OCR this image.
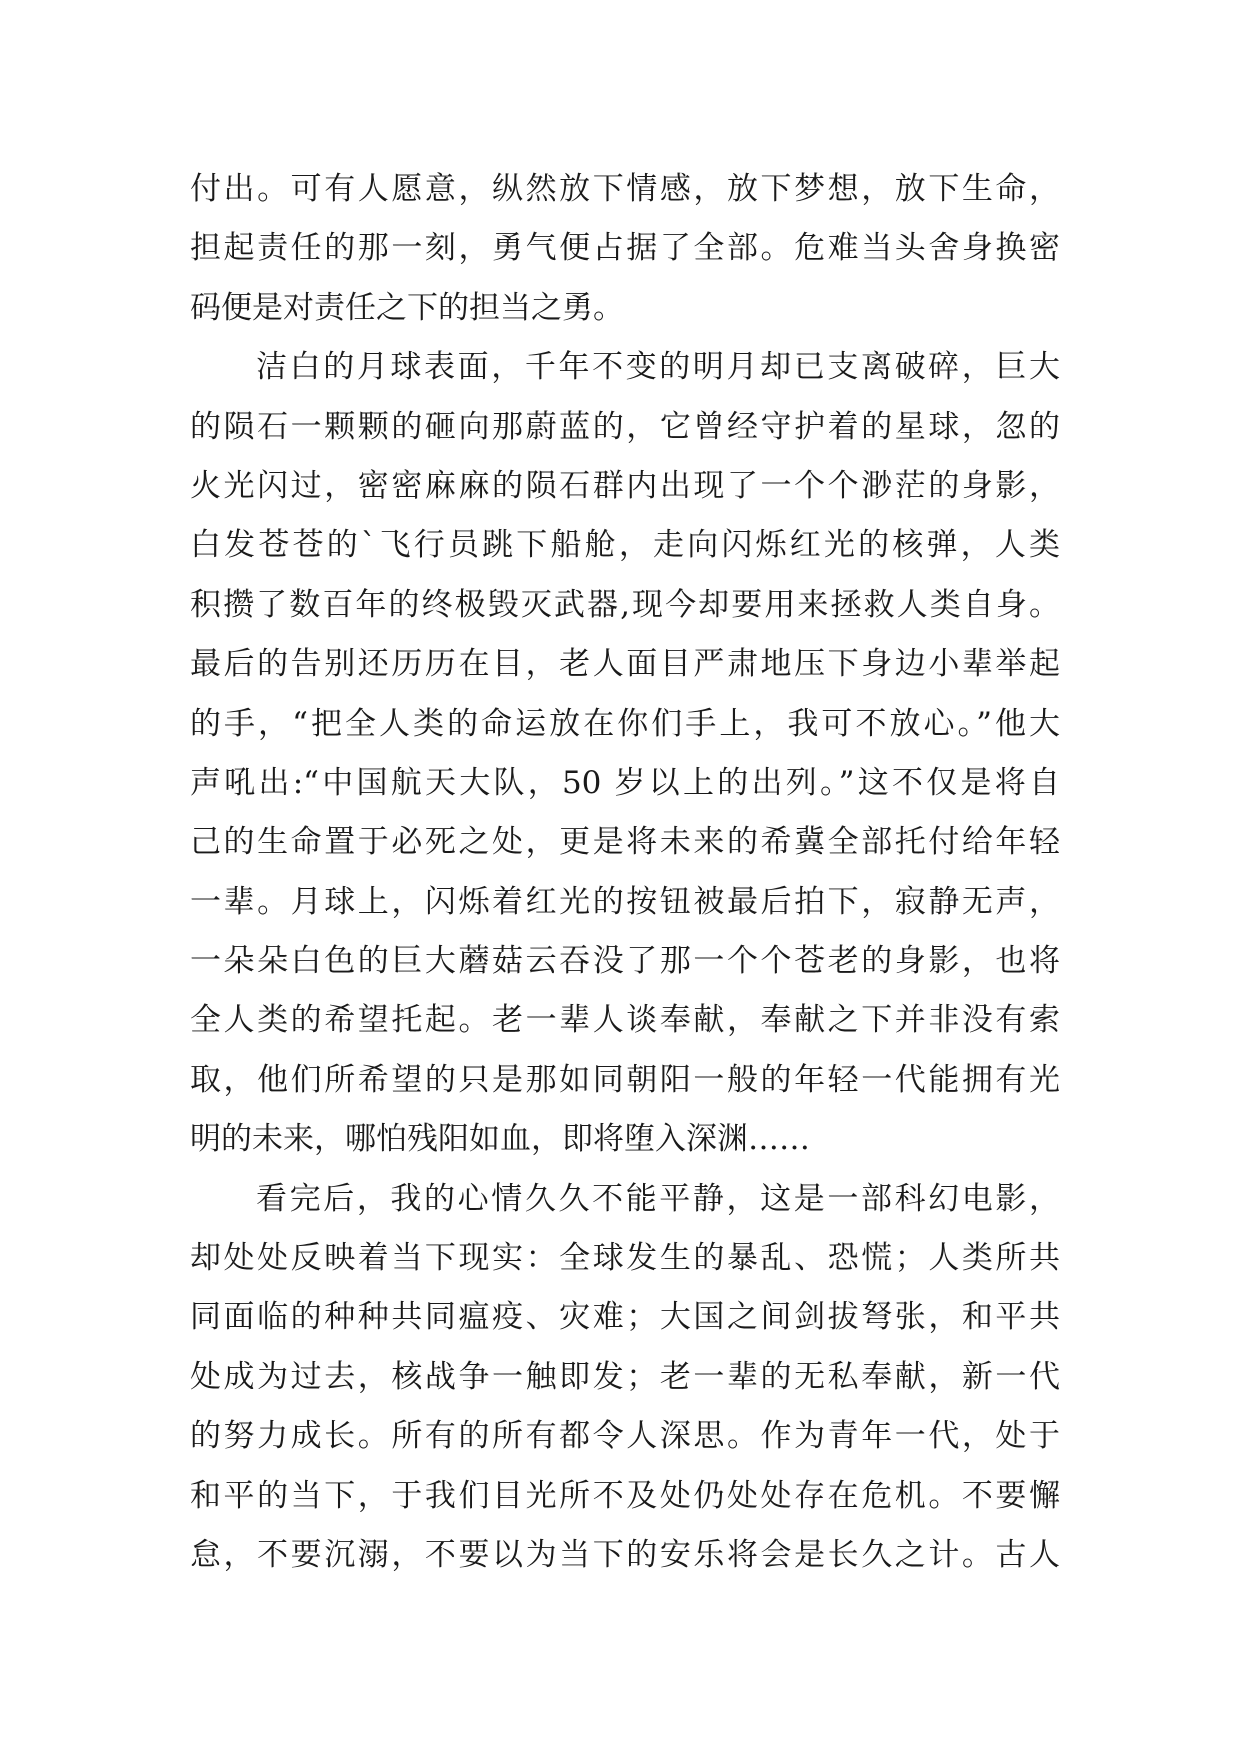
付出。可有人愿意，纵然放下情感，放下梦想，放下生命，
担起责任的那一刻，勇气便占据了全部。危难当头舍身换密
码便是对责任之下的担当之勇。
洁白的月球表面，千年不变的明月却已支离破碎，巨大
的陨石一颗颗的砸向那蔚蓝的，它曾经守护着的星球，忽的
火光闪过，密密麻麻的陨石群内出现了一个个渺茫的身影，
白发苍苍的`飞行员跳下船舱，走向闪烁红光的核弹，人类
积攒了数百年的终极毁灭武器,现今却要用来拯救人类自身。
最后的告别还历历在目，老人面目严肃地压下身边小辈举起
的手，“把全人类的命运放在你们手上，我可不放心。”他大
声吼出:“中国航天大队，50 岁以上的出列。”这不仅是将自
己的生命置于必死之处，更是将未来的希冀全部托付给年轻
一辈。月球上，闪烁着红光的按钮被最后拍下，寂静无声，
一朵朵白色的巨大蘑菇云吞没了那一个个苍老的身影，也将
全人类的希望托起。老一辈人谈奉献，奉献之下并非没有索
取，他们所希望的只是那如同朝阳一般的年轻一代能拥有光
明的未来，哪怕残阳如血，即将堕入深渊……
看完后，我的心情久久不能平静，这是一部科幻电影，
却处处反映着当下现实：全球发生的暴乱、恐慌；人类所共
同面临的种种共同瘟疫、灾难；大国之间剑拔弩张，和平共
处成为过去，核战争一触即发；老一辈的无私奉献，新一代
的努力成长。所有的所有都令人深思。作为青年一代，处于
和平的当下，于我们目光所不及处仍处处存在危机。不要懈
怠，不要沉溺，不要以为当下的安乐将会是长久之计。古人
